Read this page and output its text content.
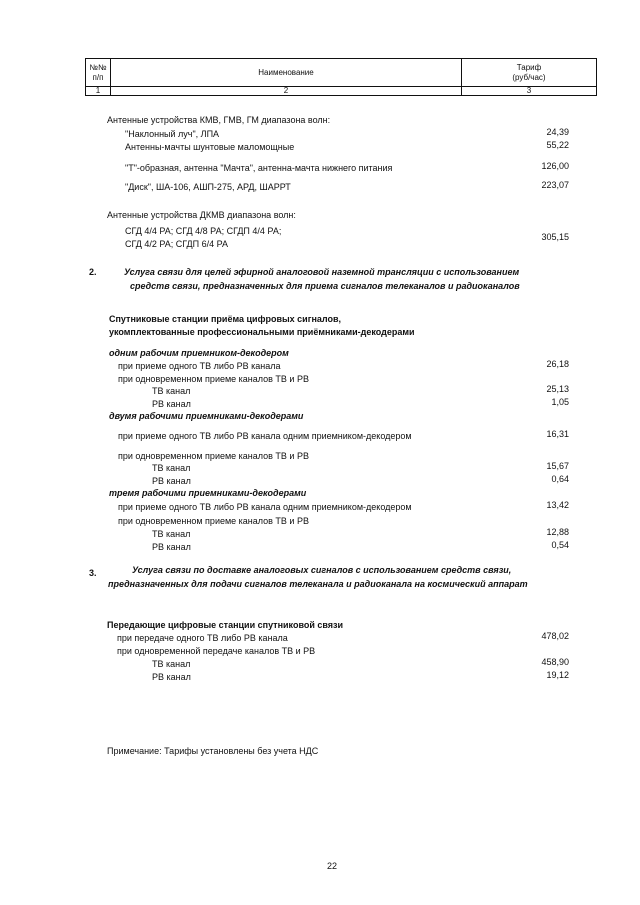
№№
п/п	Наименование	Тариф
(руб/час)
1	2	3
Антенные устройства КМВ, ГМВ, ГМ диапазона волн:
"Наклонный луч", ЛПА	24,39
Антенны-мачты шунтовые маломощные	55,22
"Т"-образная, антенна "Мачта", антенна-мачта нижнего питания	126,00
"Диск", ША-106, АШП-275, АРД, ШАРРТ	223,07
Антенные устройства ДКМВ диапазона волн:
СГД 4/4 РА; СГД 4/8 РА; СГДП 4/4 РА;
СГД 4/2 РА; СГДП 6/4 РА
305,15
2.	Услуга связи для целей эфирной аналоговой наземной трансляции с использованием
средств связи, предназначенных для приема сигналов телеканалов и радиоканалов
Спутниковые станции приёма цифровых сигналов,
укомплектованные профессиональными приёмниками-декодерами
одним рабочим приемником-декодером
при приеме одного ТВ либо РВ канала	26,18
при одновременном приеме каналов ТВ и РВ
ТВ канал	25,13
РВ канал	1,05
двумя рабочими приемниками-декодерами
при приеме одного ТВ либо РВ канала одним приемником-декодером	16,31
при одновременном приеме каналов ТВ и РВ
ТВ канал	15,67
РВ канал	0,64
тремя рабочими приемниками-декодерами
при приеме одного ТВ либо РВ канала одним приемником-декодером	13,42
при одновременном приеме каналов ТВ и РВ
ТВ канал	12,88
РВ канал	0,54
3.	Услуга связи по доставке аналоговых сигналов с использованием средств связи,
предназначенных для подачи сигналов телеканала и радиоканала на космический аппарат
Передающие цифровые станции спутниковой связи
при передаче одного ТВ либо РВ канала	478,02
при одновременной передаче каналов ТВ и РВ
ТВ канал	458,90
РВ канал	19,12
Примечание: Тарифы установлены без учета НДС
22
